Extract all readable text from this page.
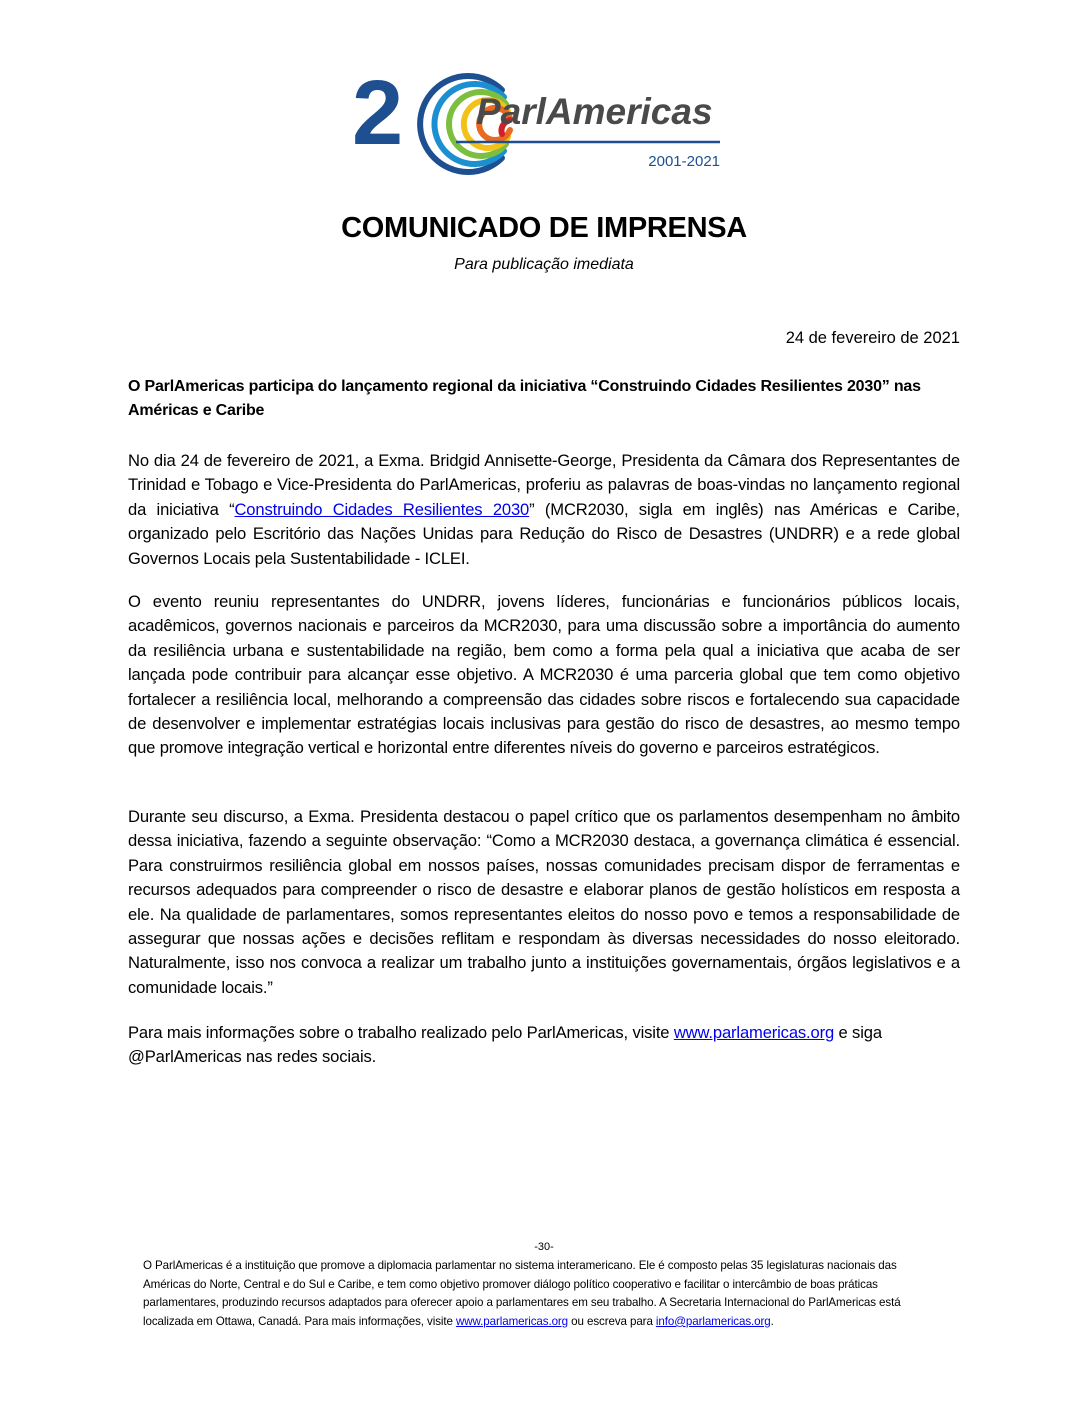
2 ParlAmericas
2001-2021
COMUNICADO DE IMPRENSA
Para publicação imediata
24 de fevereiro de 2021
O ParlAmericas participa do lançamento regional da iniciativa “Construindo Cidades Resilientes 2030” nas Américas e Caribe

No dia 24 de fevereiro de 2021, a Exma. Bridgid Annisette-George, Presidenta da Câmara dos Representantes de Trinidad e Tobago e Vice-Presidenta do ParlAmericas, proferiu as palavras de boas-vindas no lançamento regional da iniciativa “Construindo Cidades Resilientes 2030” (MCR2030, sigla em inglês) nas Américas e Caribe, organizado pelo Escritório das Nações Unidas para Redução do Risco de Desastres (UNDRR) e a rede global Governos Locais pela Sustentabilidade - ICLEI.

O evento reuniu representantes do UNDRR, jovens líderes, funcionárias e funcionários públicos locais, acadêmicos, governos nacionais e parceiros da MCR2030, para uma discussão sobre a importância do aumento da resiliência urbana e sustentabilidade na região, bem como a forma pela qual a iniciativa que acaba de ser lançada pode contribuir para alcançar esse objetivo. A MCR2030 é uma parceria global que tem como objetivo fortalecer a resiliência local, melhorando a compreensão das cidades sobre riscos e fortalecendo sua capacidade de desenvolver e implementar estratégias locais inclusivas para gestão do risco de desastres, ao mesmo tempo que promove integração vertical e horizontal entre diferentes níveis do governo e parceiros estratégicos.

Durante seu discurso, a Exma. Presidenta destacou o papel crítico que os parlamentos desempenham no âmbito dessa iniciativa, fazendo a seguinte observação: “Como a MCR2030 destaca, a governança climática é essencial. Para construirmos resiliência global em nossos países, nossas comunidades precisam dispor de ferramentas e recursos adequados para compreender o risco de desastre e elaborar planos de gestão holísticos em resposta a ele. Na qualidade de parlamentares, somos representantes eleitos do nosso povo e temos a responsabilidade de assegurar que nossas ações e decisões reflitam e respondam às diversas necessidades do nosso eleitorado. Naturalmente, isso nos convoca a realizar um trabalho junto a instituições governamentais, órgãos legislativos e a comunidade locais.”

Para mais informações sobre o trabalho realizado pelo ParlAmericas, visite www.parlamericas.org e siga @ParlAmericas nas redes sociais.

-30-
O ParlAmericas é a instituição que promove a diplomacia parlamentar no sistema interamericano. Ele é composto pelas 35 legislaturas nacionais das Américas do Norte, Central e do Sul e Caribe, e tem como objetivo promover diálogo político cooperativo e facilitar o intercâmbio de boas práticas parlamentares, produzindo recursos adaptados para oferecer apoio a parlamentares em seu trabalho. A Secretaria Internacional do ParlAmericas está localizada em Ottawa, Canadá. Para mais informações, visite www.parlamericas.org ou escreva para info@parlamericas.org.
